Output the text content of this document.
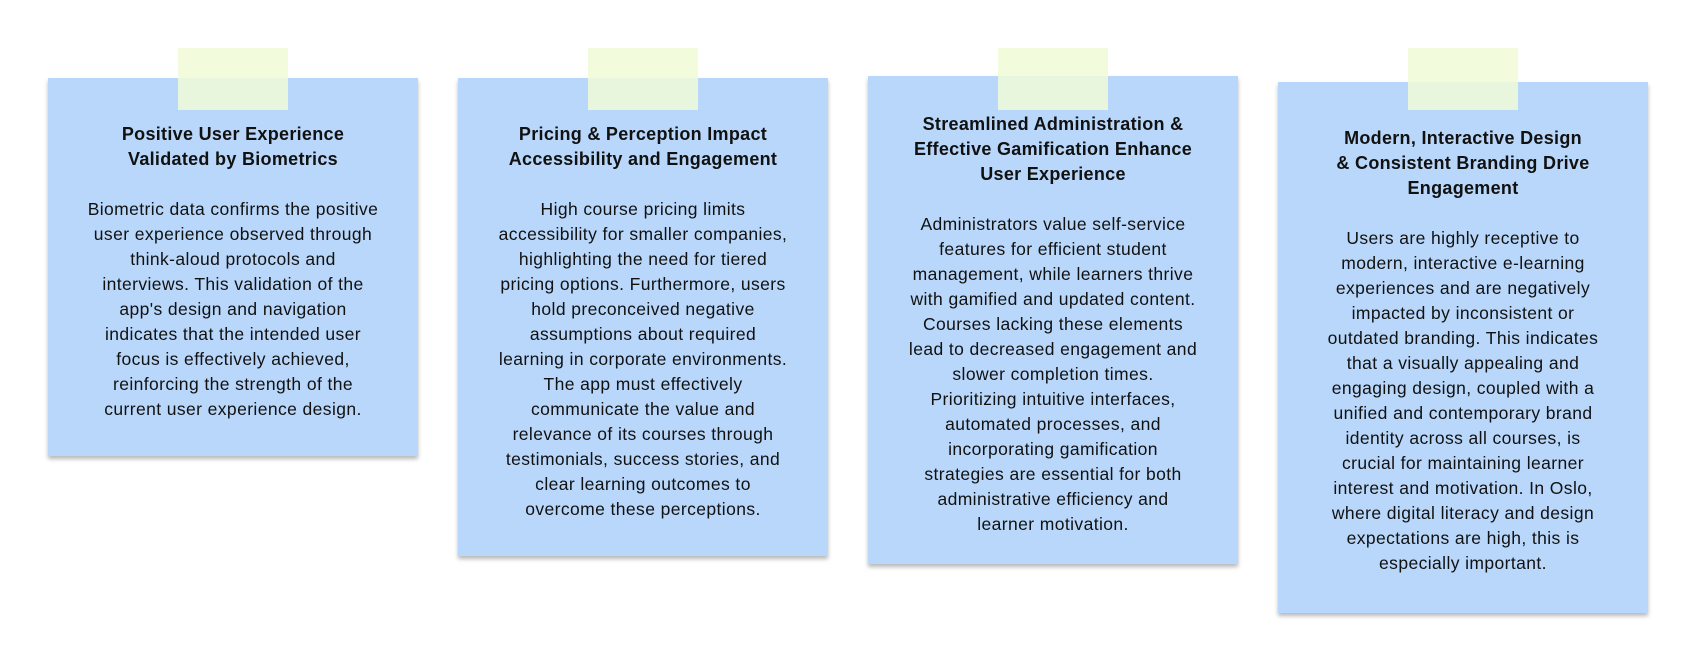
Positive User Experience
Validated by Biometrics

Biometric data confirms the positive
user experience observed through
think-aloud protocols and
interviews. This validation of the
app's design and navigation
indicates that the intended user
focus is effectively achieved,
reinforcing the strength of the
current user experience design.

Pricing & Perception Impact
Accessibility and Engagement

High course pricing limits
accessibility for smaller companies,
highlighting the need for tiered
pricing options. Furthermore, users
hold preconceived negative
assumptions about required
learning in corporate environments.
The app must effectively
communicate the value and
relevance of its courses through
testimonials, success stories, and
clear learning outcomes to
overcome these perceptions.

Streamlined Administration &
Effective Gamification Enhance
User Experience

Administrators value self-service
features for efficient student
management, while learners thrive
with gamified and updated content.
Courses lacking these elements
lead to decreased engagement and
slower completion times.
Prioritizing intuitive interfaces,
automated processes, and
incorporating gamification
strategies are essential for both
administrative efficiency and
learner motivation.

Modern, Interactive Design
& Consistent Branding Drive
Engagement

Users are highly receptive to
modern, interactive e-learning
experiences and are negatively
impacted by inconsistent or
outdated branding. This indicates
that a visually appealing and
engaging design, coupled with a
unified and contemporary brand
identity across all courses, is
crucial for maintaining learner
interest and motivation. In Oslo,
where digital literacy and design
expectations are high, this is
especially important.
